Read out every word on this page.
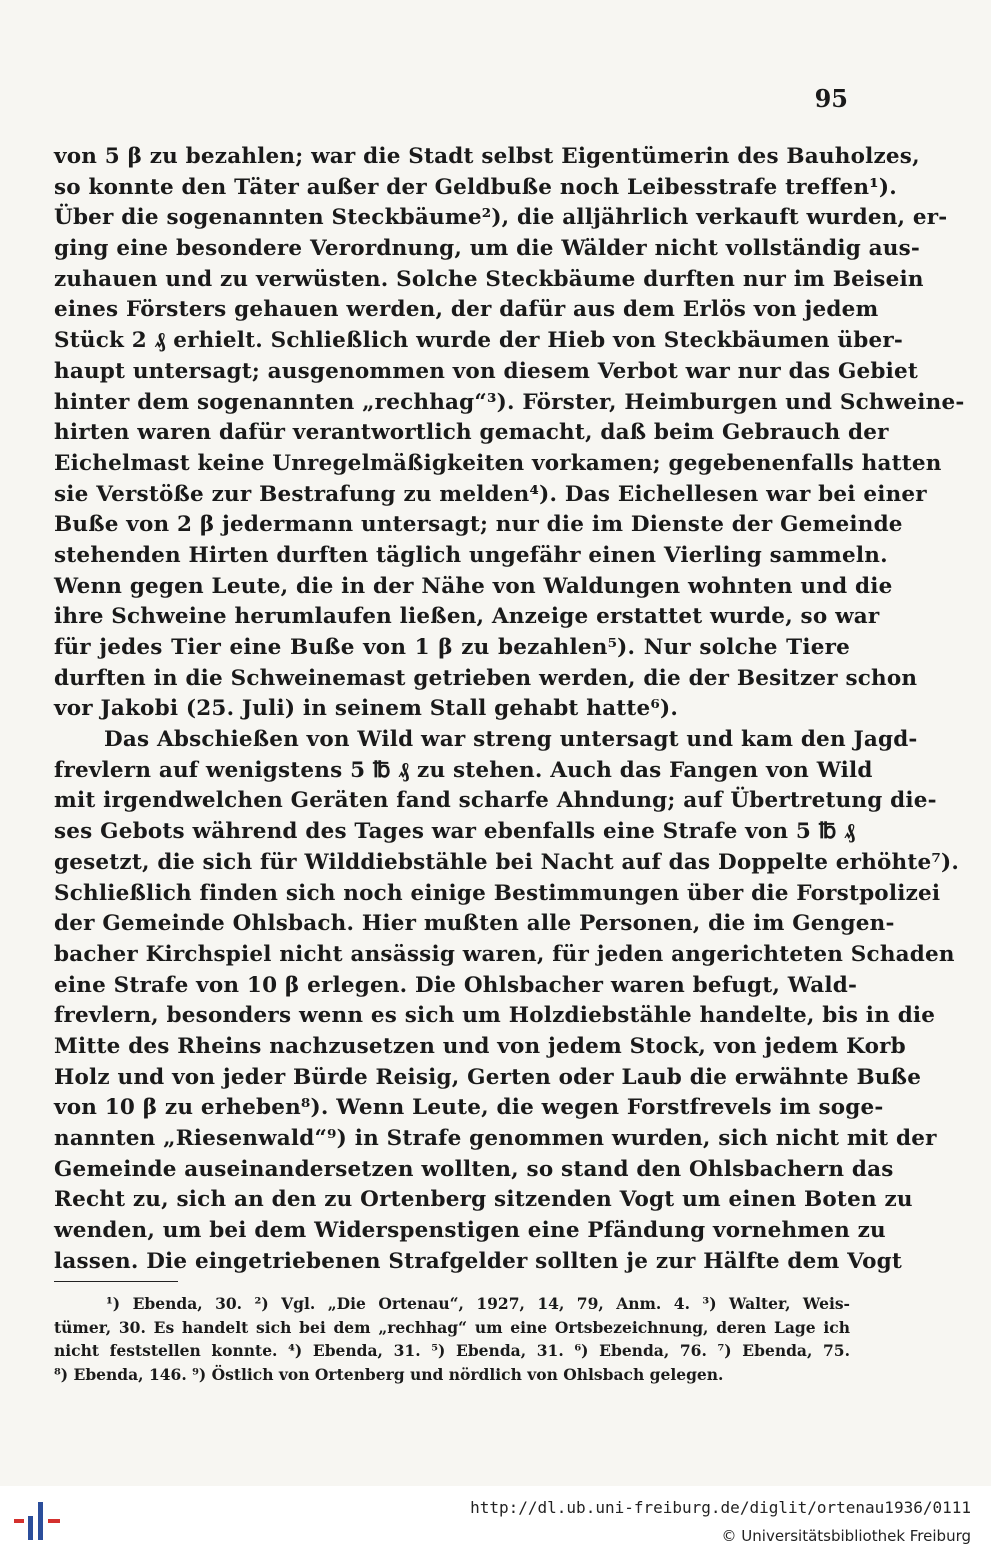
95
von 5 β zu bezahlen; war die Stadt selbst Eigentümerin des Bauholzes,
so konnte den Täter außer der Geldbuße noch Leibesstrafe treffen¹).
Über die sogenannten Steckbäume²), die alljährlich verkauft wurden, er-
ging eine besondere Verordnung, um die Wälder nicht vollständig aus-
zuhauen und zu verwüsten. Solche Steckbäume durften nur im Beisein
eines Försters gehauen werden, der dafür aus dem Erlös von jedem
Stück 2 ₰ erhielt. Schließlich wurde der Hieb von Steckbäumen über-
haupt untersagt; ausgenommen von diesem Verbot war nur das Gebiet
hinter dem sogenannten „rechhag“³). Förster, Heimburgen und Schweine-
hirten waren dafür verantwortlich gemacht, daß beim Gebrauch der
Eichelmast keine Unregelmäßigkeiten vorkamen; gegebenenfalls hatten
sie Verstöße zur Bestrafung zu melden⁴). Das Eichellesen war bei einer
Buße von 2 β jedermann untersagt; nur die im Dienste der Gemeinde
stehenden Hirten durften täglich ungefähr einen Vierling sammeln.
Wenn gegen Leute, die in der Nähe von Waldungen wohnten und die
ihre Schweine herumlaufen ließen, Anzeige erstattet wurde, so war
für jedes Tier eine Buße von 1 β zu bezahlen⁵). Nur solche Tiere
durften in die Schweinemast getrieben werden, die der Besitzer schon
vor Jakobi (25. Juli) in seinem Stall gehabt hatte⁶).
Das Abschießen von Wild war streng untersagt und kam den Jagd-
frevlern auf wenigstens 5 ℔ ₰ zu stehen. Auch das Fangen von Wild
mit irgendwelchen Geräten fand scharfe Ahndung; auf Übertretung die-
ses Gebots während des Tages war ebenfalls eine Strafe von 5 ℔ ₰
gesetzt, die sich für Wilddiebstähle bei Nacht auf das Doppelte erhöhte⁷).
Schließlich finden sich noch einige Bestimmungen über die Forstpolizei
der Gemeinde Ohlsbach. Hier mußten alle Personen, die im Gengen-
bacher Kirchspiel nicht ansässig waren, für jeden angerichteten Schaden
eine Strafe von 10 β erlegen. Die Ohlsbacher waren befugt, Wald-
frevlern, besonders wenn es sich um Holzdiebstähle handelte, bis in die
Mitte des Rheins nachzusetzen und von jedem Stock, von jedem Korb
Holz und von jeder Bürde Reisig, Gerten oder Laub die erwähnte Buße
von 10 β zu erheben⁸). Wenn Leute, die wegen Forstfrevels im soge-
nannten „Riesenwald“⁹) in Strafe genommen wurden, sich nicht mit der
Gemeinde auseinandersetzen wollten, so stand den Ohlsbachern das
Recht zu, sich an den zu Ortenberg sitzenden Vogt um einen Boten zu
wenden, um bei dem Widerspenstigen eine Pfändung vornehmen zu
lassen. Die eingetriebenen Strafgelder sollten je zur Hälfte dem Vogt
¹) Ebenda, 30. ²) Vgl. „Die Ortenau“, 1927, 14, 79, Anm. 4. ³) Walter, Weis-
tümer, 30. Es handelt sich bei dem „rechhag“ um eine Ortsbezeichnung, deren Lage ich
nicht feststellen konnte. ⁴) Ebenda, 31. ⁵) Ebenda, 31. ⁶) Ebenda, 76. ⁷) Ebenda, 75.
⁸) Ebenda, 146. ⁹) Östlich von Ortenberg und nördlich von Ohlsbach gelegen.
http://dl.ub.uni-freiburg.de/diglit/ortenau1936/0111
© Universitätsbibliothek Freiburg
